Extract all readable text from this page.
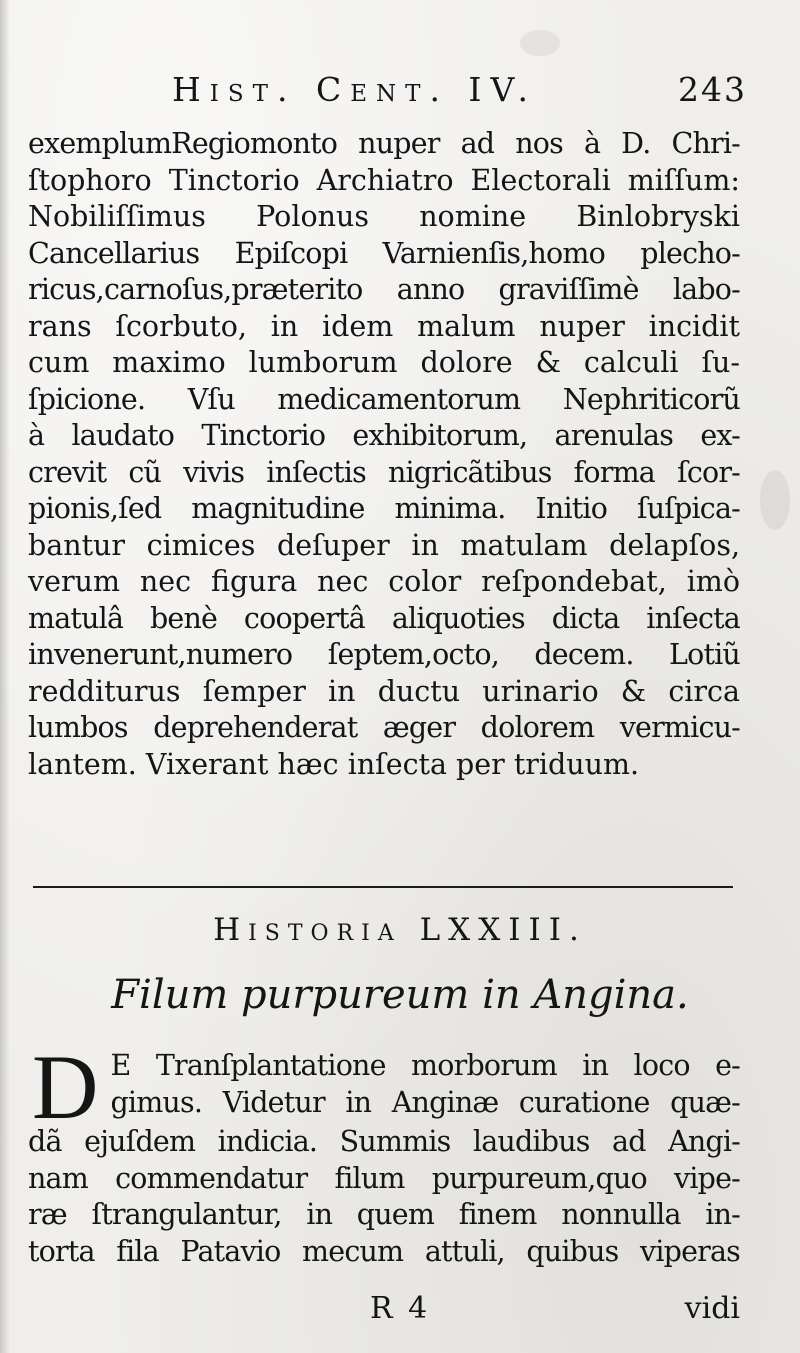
Hist. Cent. IV.	243
exemplumRegiomonto nuper ad nos à D. Chri-
ſtophoro Tinctorio Archiatro Electorali miſſum:
Nobiliſſimus Polonus nomine Binlobryski
Cancellarius Epiſcopi Varnienſis,homo plecho-
ricus,carnoſus,præterito anno graviſſimè labo-
rans ſcorbuto, in idem malum nuper incidit
cum maximo lumborum dolore & calculi ſu-
ſpicione. Vſu medicamentorum Nephriticorũ
à laudato Tinctorio exhibitorum, arenulas ex-
crevit cũ vivis inſectis nigricãtibus forma ſcor-
pionis,ſed magnitudine minima. Initio ſuſpica-
bantur cimices deſuper in matulam delapſos,
verum nec figura nec color reſpondebat, imò
matulâ benè coopertâ aliquoties dicta inſecta
invenerunt,numero ſeptem,octo, decem. Lotiũ
redditurus ſemper in ductu urinario & circa
lumbos deprehenderat æger dolorem vermicu-
lantem. Vixerant hæc inſecta per triduum.
Historia LXXIII.
Filum purpureum in Angina.
D E Tranſplantatione morborum in loco e-
gimus. Videtur in Anginæ curatione quæ-
dã ejuſdem indicia. Summis laudibus ad Angi-
nam commendatur filum purpureum,quo vipe-
ræ ſtrangulantur, in quem finem nonnulla in-
torta fila Patavio mecum attuli, quibus viperas
R 4	vidi
